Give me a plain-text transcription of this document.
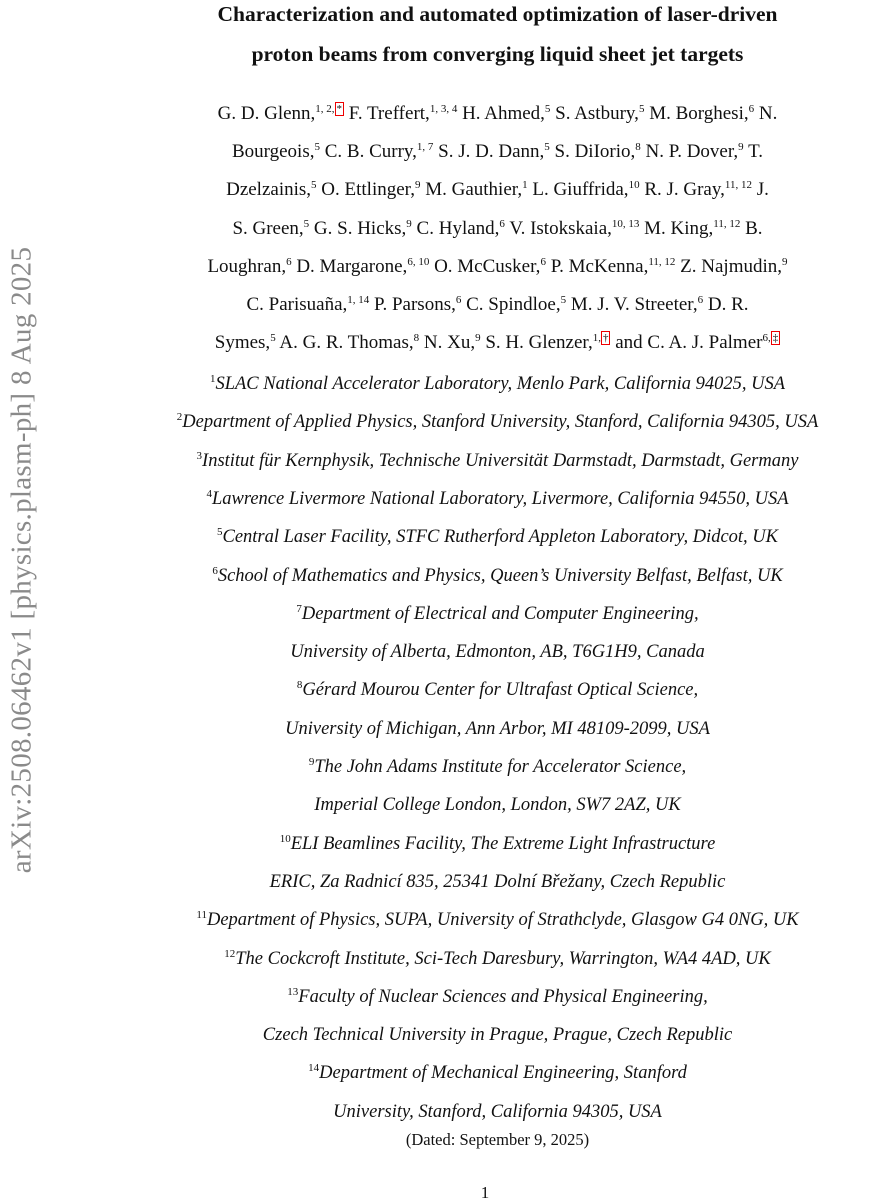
arXiv:2508.06462v1 [physics.plasm-ph] 8 Aug 2025
Characterization and automated optimization of laser-driven
proton beams from converging liquid sheet jet targets
G. D. Glenn,$^{1, 2,}$ * F. Treffert,$^{1, 3, 4}$ H. Ahmed,$^5$ S. Astbury,$^5$ M. Borghesi,$^6$ N.
Bourgeois,$^5$ C. B. Curry,$^{1, 7}$ S. J. D. Dann,$^5$ S. DiIorio,$^8$ N. P. Dover,$^9$ T.
Dzelzainis,$^5$ O. Ettlinger,$^9$ M. Gauthier,$^1$ L. Giuffrida,$^{10}$ R. J. Gray,$^{11, 12}$ J.
S. Green,$^5$ G. S. Hicks,$^9$ C. Hyland,$^6$ V. Istokskaia,$^{10, 13}$ M. King,$^{11, 12}$ B.
Loughran,$^6$ D. Margarone,$^{6, 10}$ O. McCusker,$^6$ P. McKenna,$^{11, 12}$ Z. Najmudin,$^9$
C. Parisuaña,$^{1, 14}$ P. Parsons,$^6$ C. Spindloe,$^5$ M. J. V. Streeter,$^6$ D. R.
Symes,$^5$ A. G. R. Thomas,$^8$ N. Xu,$^9$ S. H. Glenzer,$^{1,}$ † and C. A. J. Palmer$^{6,}$ ‡
$^1$SLAC National Accelerator Laboratory, Menlo Park, California 94025, USA
$^2$Department of Applied Physics, Stanford University, Stanford, California 94305, USA
$^3$Institut für Kernphysik, Technische Universität Darmstadt, Darmstadt, Germany
$^4$Lawrence Livermore National Laboratory, Livermore, California 94550, USA
$^5$Central Laser Facility, STFC Rutherford Appleton Laboratory, Didcot, UK
$^6$School of Mathematics and Physics, Queen’s University Belfast, Belfast, UK
$^7$Department of Electrical and Computer Engineering,
University of Alberta, Edmonton, AB, T6G1H9, Canada
$^8$Gérard Mourou Center for Ultrafast Optical Science,
University of Michigan, Ann Arbor, MI 48109-2099, USA
$^9$The John Adams Institute for Accelerator Science,
Imperial College London, London, SW7 2AZ, UK
$^{10}$ELI Beamlines Facility, The Extreme Light Infrastructure
ERIC, Za Radnicí 835, 25341 Dolní Břežany, Czech Republic
$^{11}$Department of Physics, SUPA, University of Strathclyde, Glasgow G4 0NG, UK
$^{12}$The Cockcroft Institute, Sci-Tech Daresbury, Warrington, WA4 4AD, UK
$^{13}$Faculty of Nuclear Sciences and Physical Engineering,
Czech Technical University in Prague, Prague, Czech Republic
$^{14}$Department of Mechanical Engineering, Stanford
University, Stanford, California 94305, USA
(Dated: September 9, 2025)
1
